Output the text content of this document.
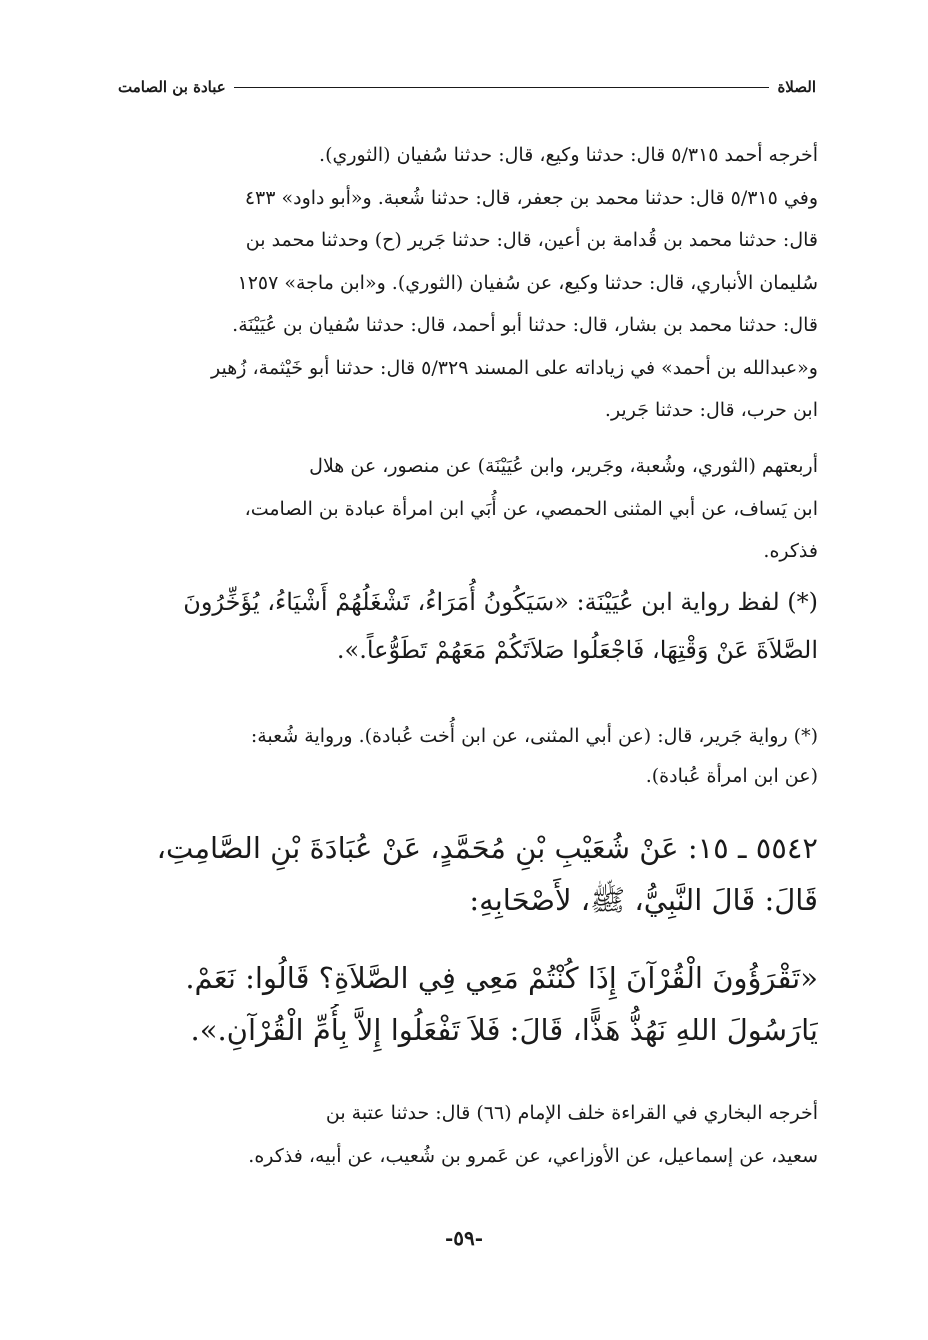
الصلاة
عبادة بن الصامت
أخرجه أحمد ٥/٣١٥ قال: حدثنا وكيع، قال: حدثنا سُفيان (الثوري).
وفي ٥/٣١٥ قال: حدثنا محمد بن جعفر، قال: حدثنا شُعبة. و«أبو داود» ٤٣٣
قال: حدثنا محمد بن قُدامة بن أعين، قال: حدثنا جَرير (ح) وحدثنا محمد بن
سُليمان الأنباري، قال: حدثنا وكيع، عن سُفيان (الثوري). و«ابن ماجة» ١٢٥٧
قال: حدثنا محمد بن بشار، قال: حدثنا أبو أحمد، قال: حدثنا سُفيان بن عُيَيْنَة.
و«عبدالله بن أحمد» في زياداته على المسند ٥/٣٢٩ قال: حدثنا أبو خَيْثمة، زُهير
ابن حرب، قال: حدثنا جَرير.
أربعتهم (الثوري، وشُعبة، وجَرير، وابن عُيَيْنَة) عن منصور، عن هلال
ابن يَساف، عن أبي المثنى الحمصي، عن أُبَي ابن امرأة عبادة بن الصامت،
فذكره.
(*) لفظ رواية ابن عُيَيْنَة: «سَيَكُونُ أُمَرَاءُ، تَشْغَلُهُمْ أَشْيَاءُ، يُؤَخِّرُونَ
الصَّلاَةَ عَنْ وَقْتِهَا، فَاجْعَلُوا صَلاَتَكُمْ مَعَهُمْ تَطَوُّعاً.».
(*) رواية جَرير، قال: (عن أبي المثنى، عن ابن أُخت عُبادة). ورواية شُعبة:
(عن ابن امرأة عُبادة).
٥٥٤٢ ـ ١٥: عَنْ شُعَيْبِ بْنِ مُحَمَّدٍ، عَنْ عُبَادَةَ بْنِ الصَّامِتِ،
قَالَ: قَالَ النَّبِيُّ، ﷺ، لأَصْحَابِهِ:
«تَقْرَؤُونَ الْقُرْآنَ إِذَا كُنْتُمْ مَعِي فِي الصَّلاَةِ؟ قَالُوا: نَعَمْ.
يَارَسُولَ اللهِ نَهُذُّ هَذًّا، قَالَ: فَلاَ تَفْعَلُوا إِلاَّ بِأُمِّ الْقُرْآنِ.».
أخرجه البخاري في القراءة خلف الإمام (٦٦) قال: حدثنا عتبة بن
سعيد، عن إسماعيل، عن الأوزاعي، عن عَمرو بن شُعيب، عن أبيه، فذكره.
-٥٩-
